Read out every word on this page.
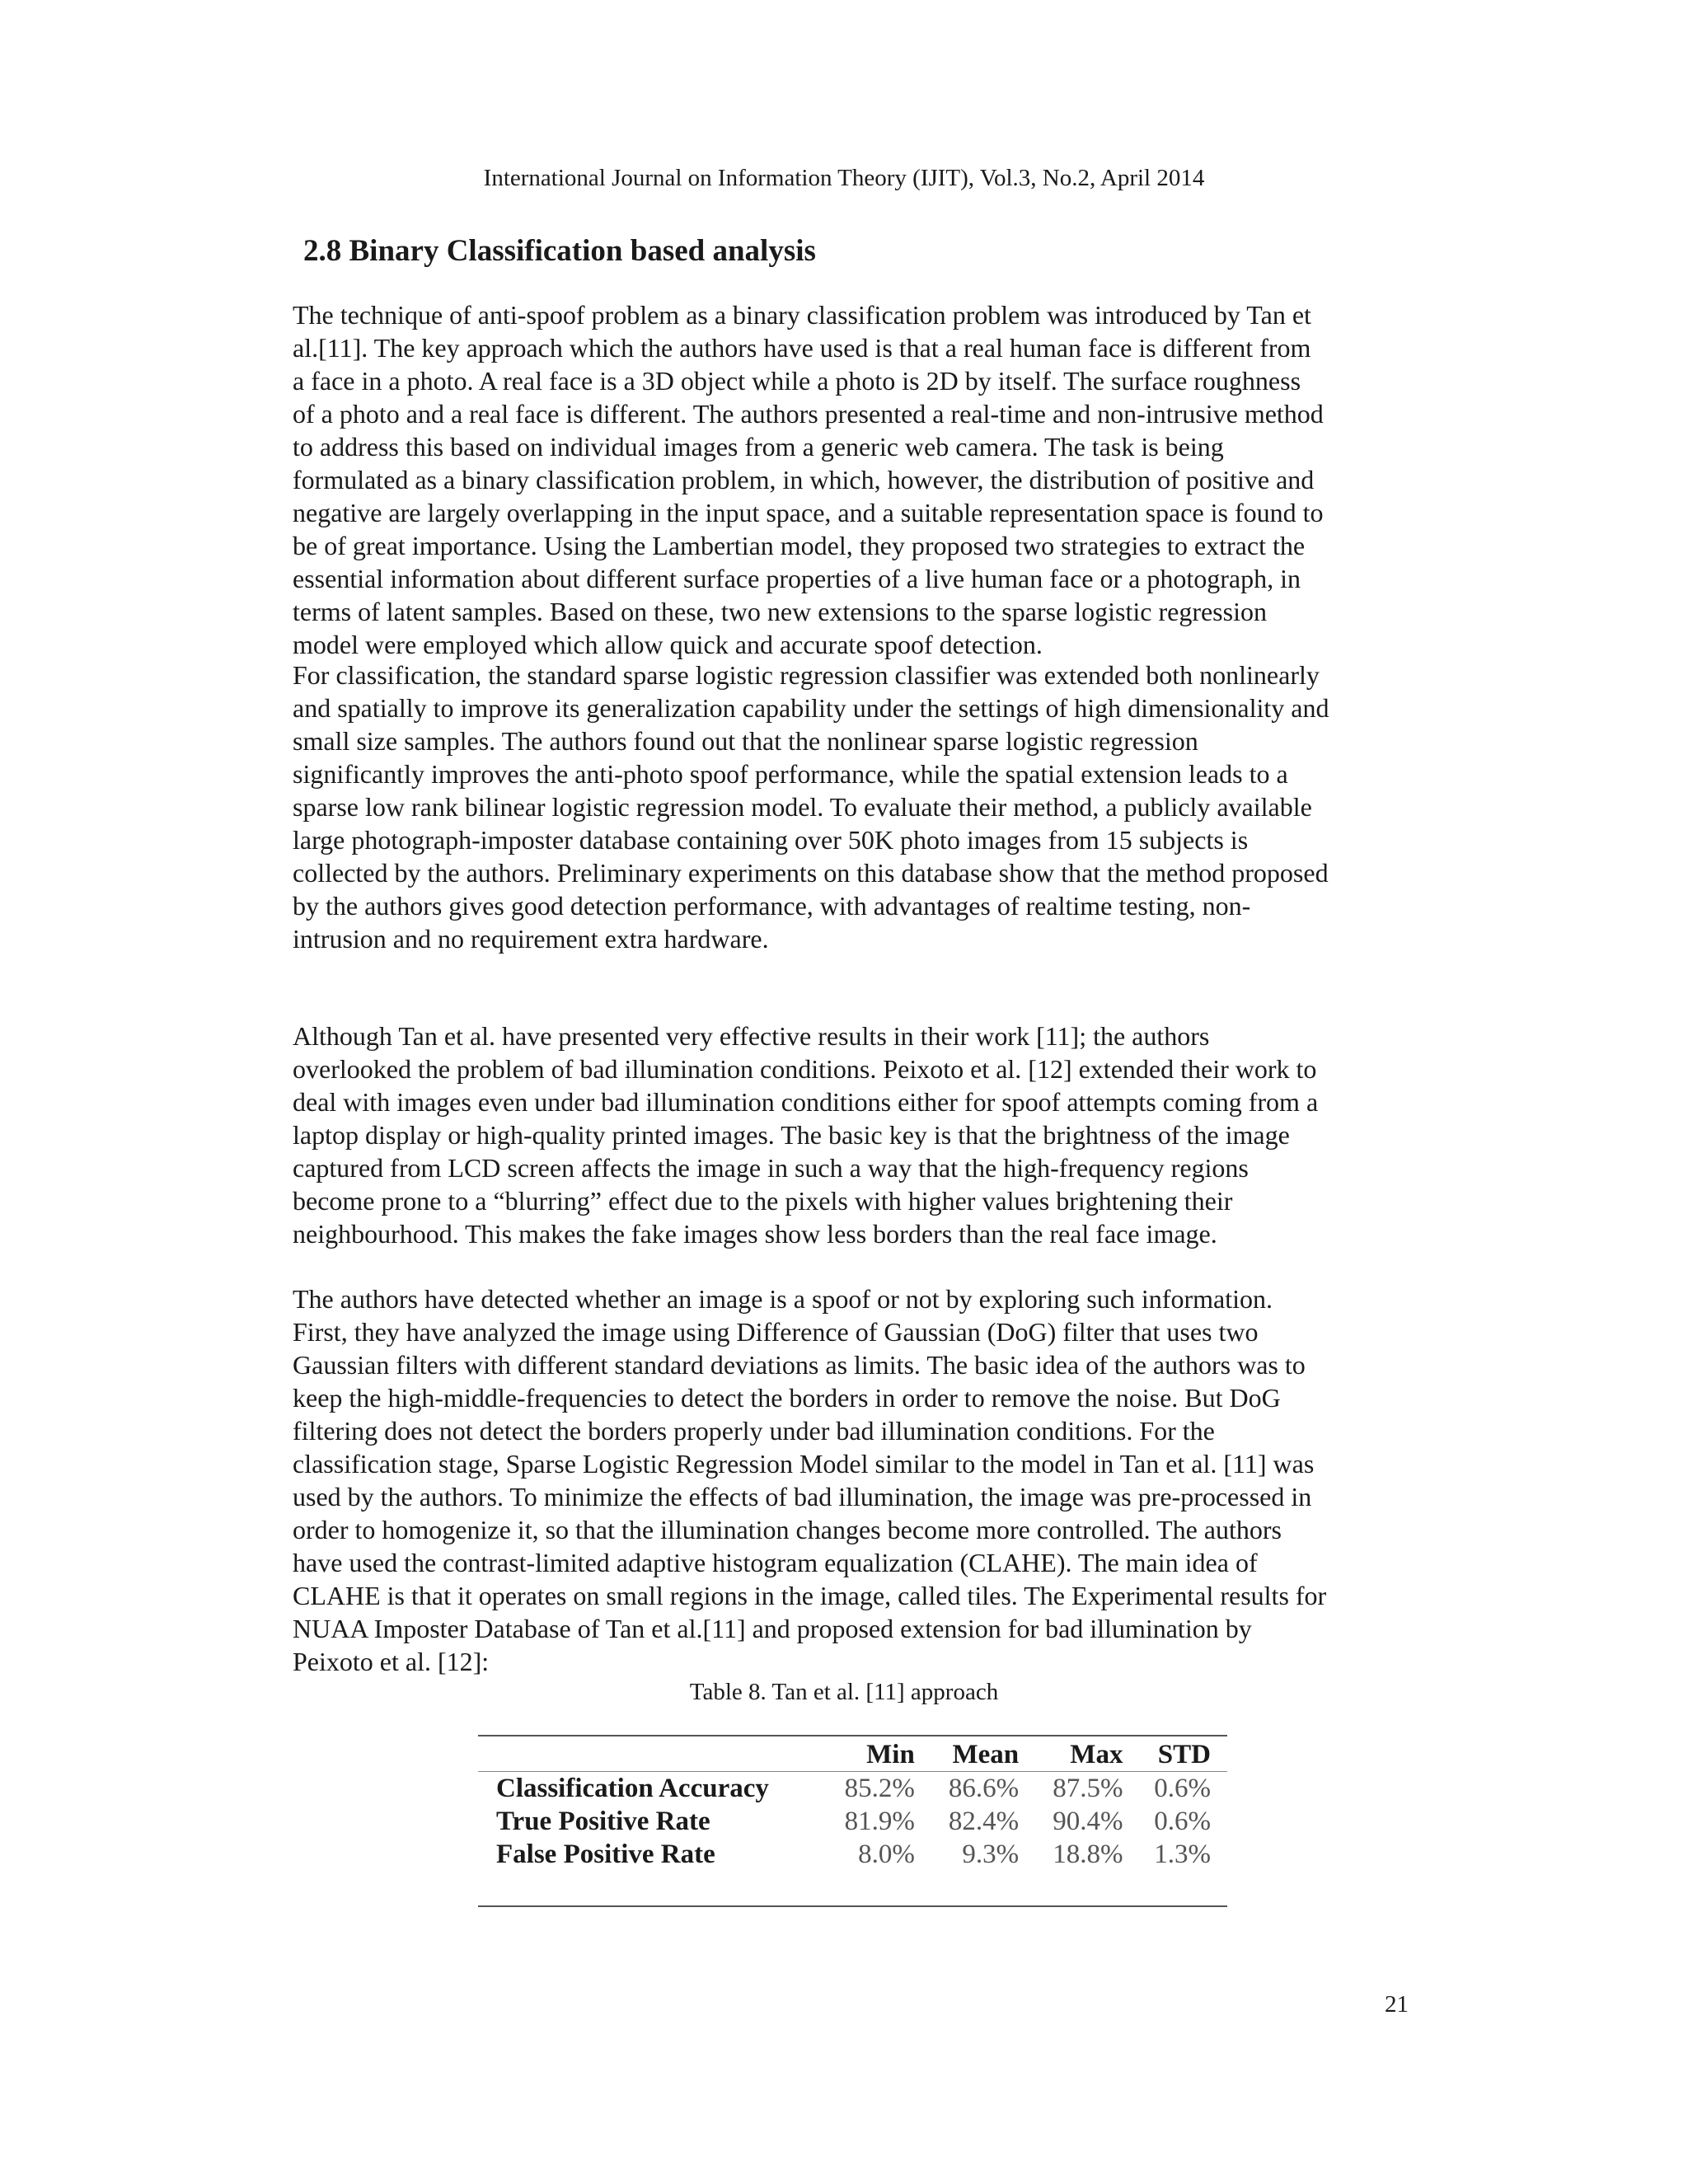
International Journal on Information Theory (IJIT), Vol.3, No.2, April 2014
2.8 Binary Classification based analysis

The technique of anti-spoof problem as a binary classification problem was introduced by Tan et
al.[11]. The key approach which the authors have used is that a real human face is different from
a face in a photo. A real face is a 3D object while a photo is 2D by itself. The surface roughness
of a photo and a real face is different. The authors presented a real-time and non-intrusive method
to address this based on individual images from a generic web camera. The task is being
formulated as a binary classification problem, in which, however, the distribution of positive and
negative are largely overlapping in the input space, and a suitable representation space is found to
be of great importance. Using the Lambertian model, they proposed two strategies to extract the
essential information about different surface properties of a live human face or a photograph, in
terms of latent samples. Based on these, two new extensions to the sparse logistic regression
model were employed which allow quick and accurate spoof detection.

For classification, the standard sparse logistic regression classifier was extended both nonlinearly
and spatially to improve its generalization capability under the settings of high dimensionality and
small size samples. The authors found out that the nonlinear sparse logistic regression
significantly improves the anti-photo spoof performance, while the spatial extension leads to a
sparse low rank bilinear logistic regression model. To evaluate their method, a publicly available
large photograph-imposter database containing over 50K photo images from 15 subjects is
collected by the authors. Preliminary experiments on this database show that the method proposed
by the authors gives good detection performance, with advantages of realtime testing, non-
intrusion and no requirement extra hardware.

Although Tan et al. have presented very effective results in their work [11]; the authors
overlooked the problem of bad illumination conditions. Peixoto et al. [12] extended their work to
deal with images even under bad illumination conditions either for spoof attempts coming from a
laptop display or high-quality printed images. The basic key is that the brightness of the image
captured from LCD screen affects the image in such a way that the high-frequency regions
become prone to a “blurring” effect due to the pixels with higher values brightening their
neighbourhood. This makes the fake images show less borders than the real face image.

The authors have detected whether an image is a spoof or not by exploring such information.
First, they have analyzed the image using Difference of Gaussian (DoG) filter that uses two
Gaussian filters with different standard deviations as limits. The basic idea of the authors was to
keep the high-middle-frequencies to detect the borders in order to remove the noise. But DoG
filtering does not detect the borders properly under bad illumination conditions. For the
classification stage, Sparse Logistic Regression Model similar to the model in Tan et al. [11] was
used by the authors. To minimize the effects of bad illumination, the image was pre-processed in
order to homogenize it, so that the illumination changes become more controlled. The authors
have used the contrast-limited adaptive histogram equalization (CLAHE). The main idea of
CLAHE is that it operates on small regions in the image, called tiles. The Experimental results for
NUAA Imposter Database of Tan et al.[11] and proposed extension for bad illumination by
Peixoto et al. [12]:

Table 8. Tan et al. [11] approach
	Min	Mean	Max	STD
Classification Accuracy	85.2%	86.6%	87.5%	0.6%
True Positive Rate	81.9%	82.4%	90.4%	0.6%
False Positive Rate	8.0%	9.3%	18.8%	1.3%

21
